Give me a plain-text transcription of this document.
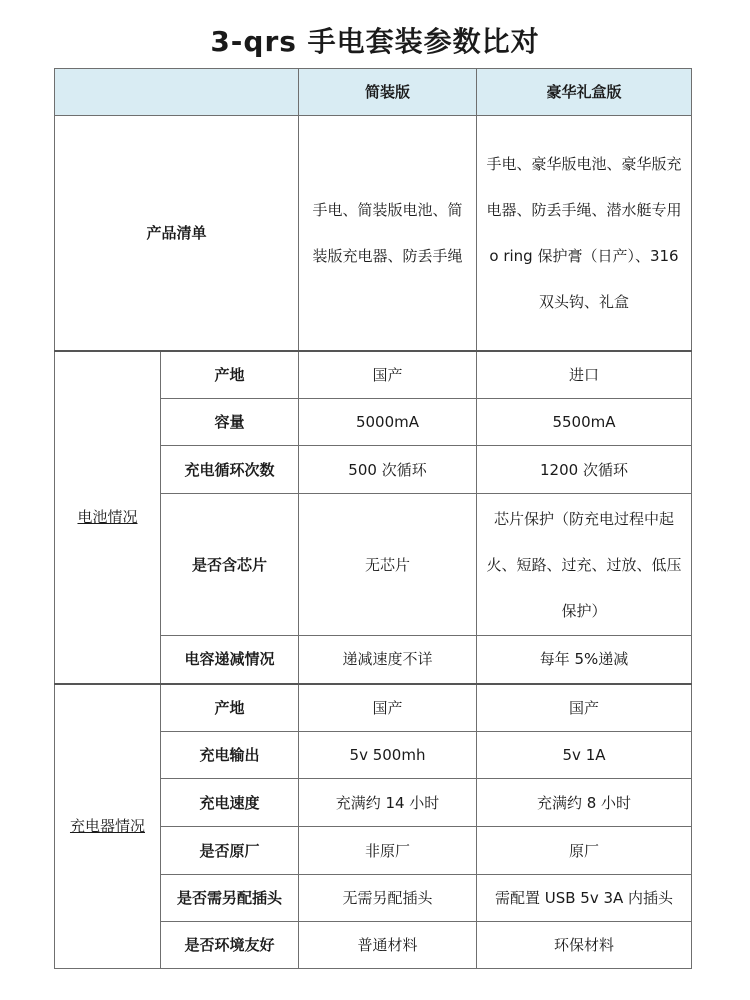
3-qrs 手电套装参数比对
		简装版	豪华礼盒版
产品清单		手电、简装版电池、简装版充电器、防丢手绳	手电、豪华版电池、豪华版充电器、防丢手绳、潜水艇专用 o ring 保护膏（日产）、316 双头钩、礼盒
电池情况	产地	国产	进口
	容量	5000mA	5500mA
	充电循环次数	500 次循环	1200 次循环
	是否含芯片	无芯片	芯片保护（防充电过程中起火、短路、过充、过放、低压保护）
	电容递减情况	递减速度不详	每年 5%递减
充电器情况	产地	国产	国产
	充电输出	5v 500mh	5v 1A
	充电速度	充满约 14 小时	充满约 8 小时
	是否原厂	非原厂	原厂
	是否需另配插头	无需另配插头	需配置 USB 5v 3A 内插头
	是否环境友好	普通材料	环保材料
